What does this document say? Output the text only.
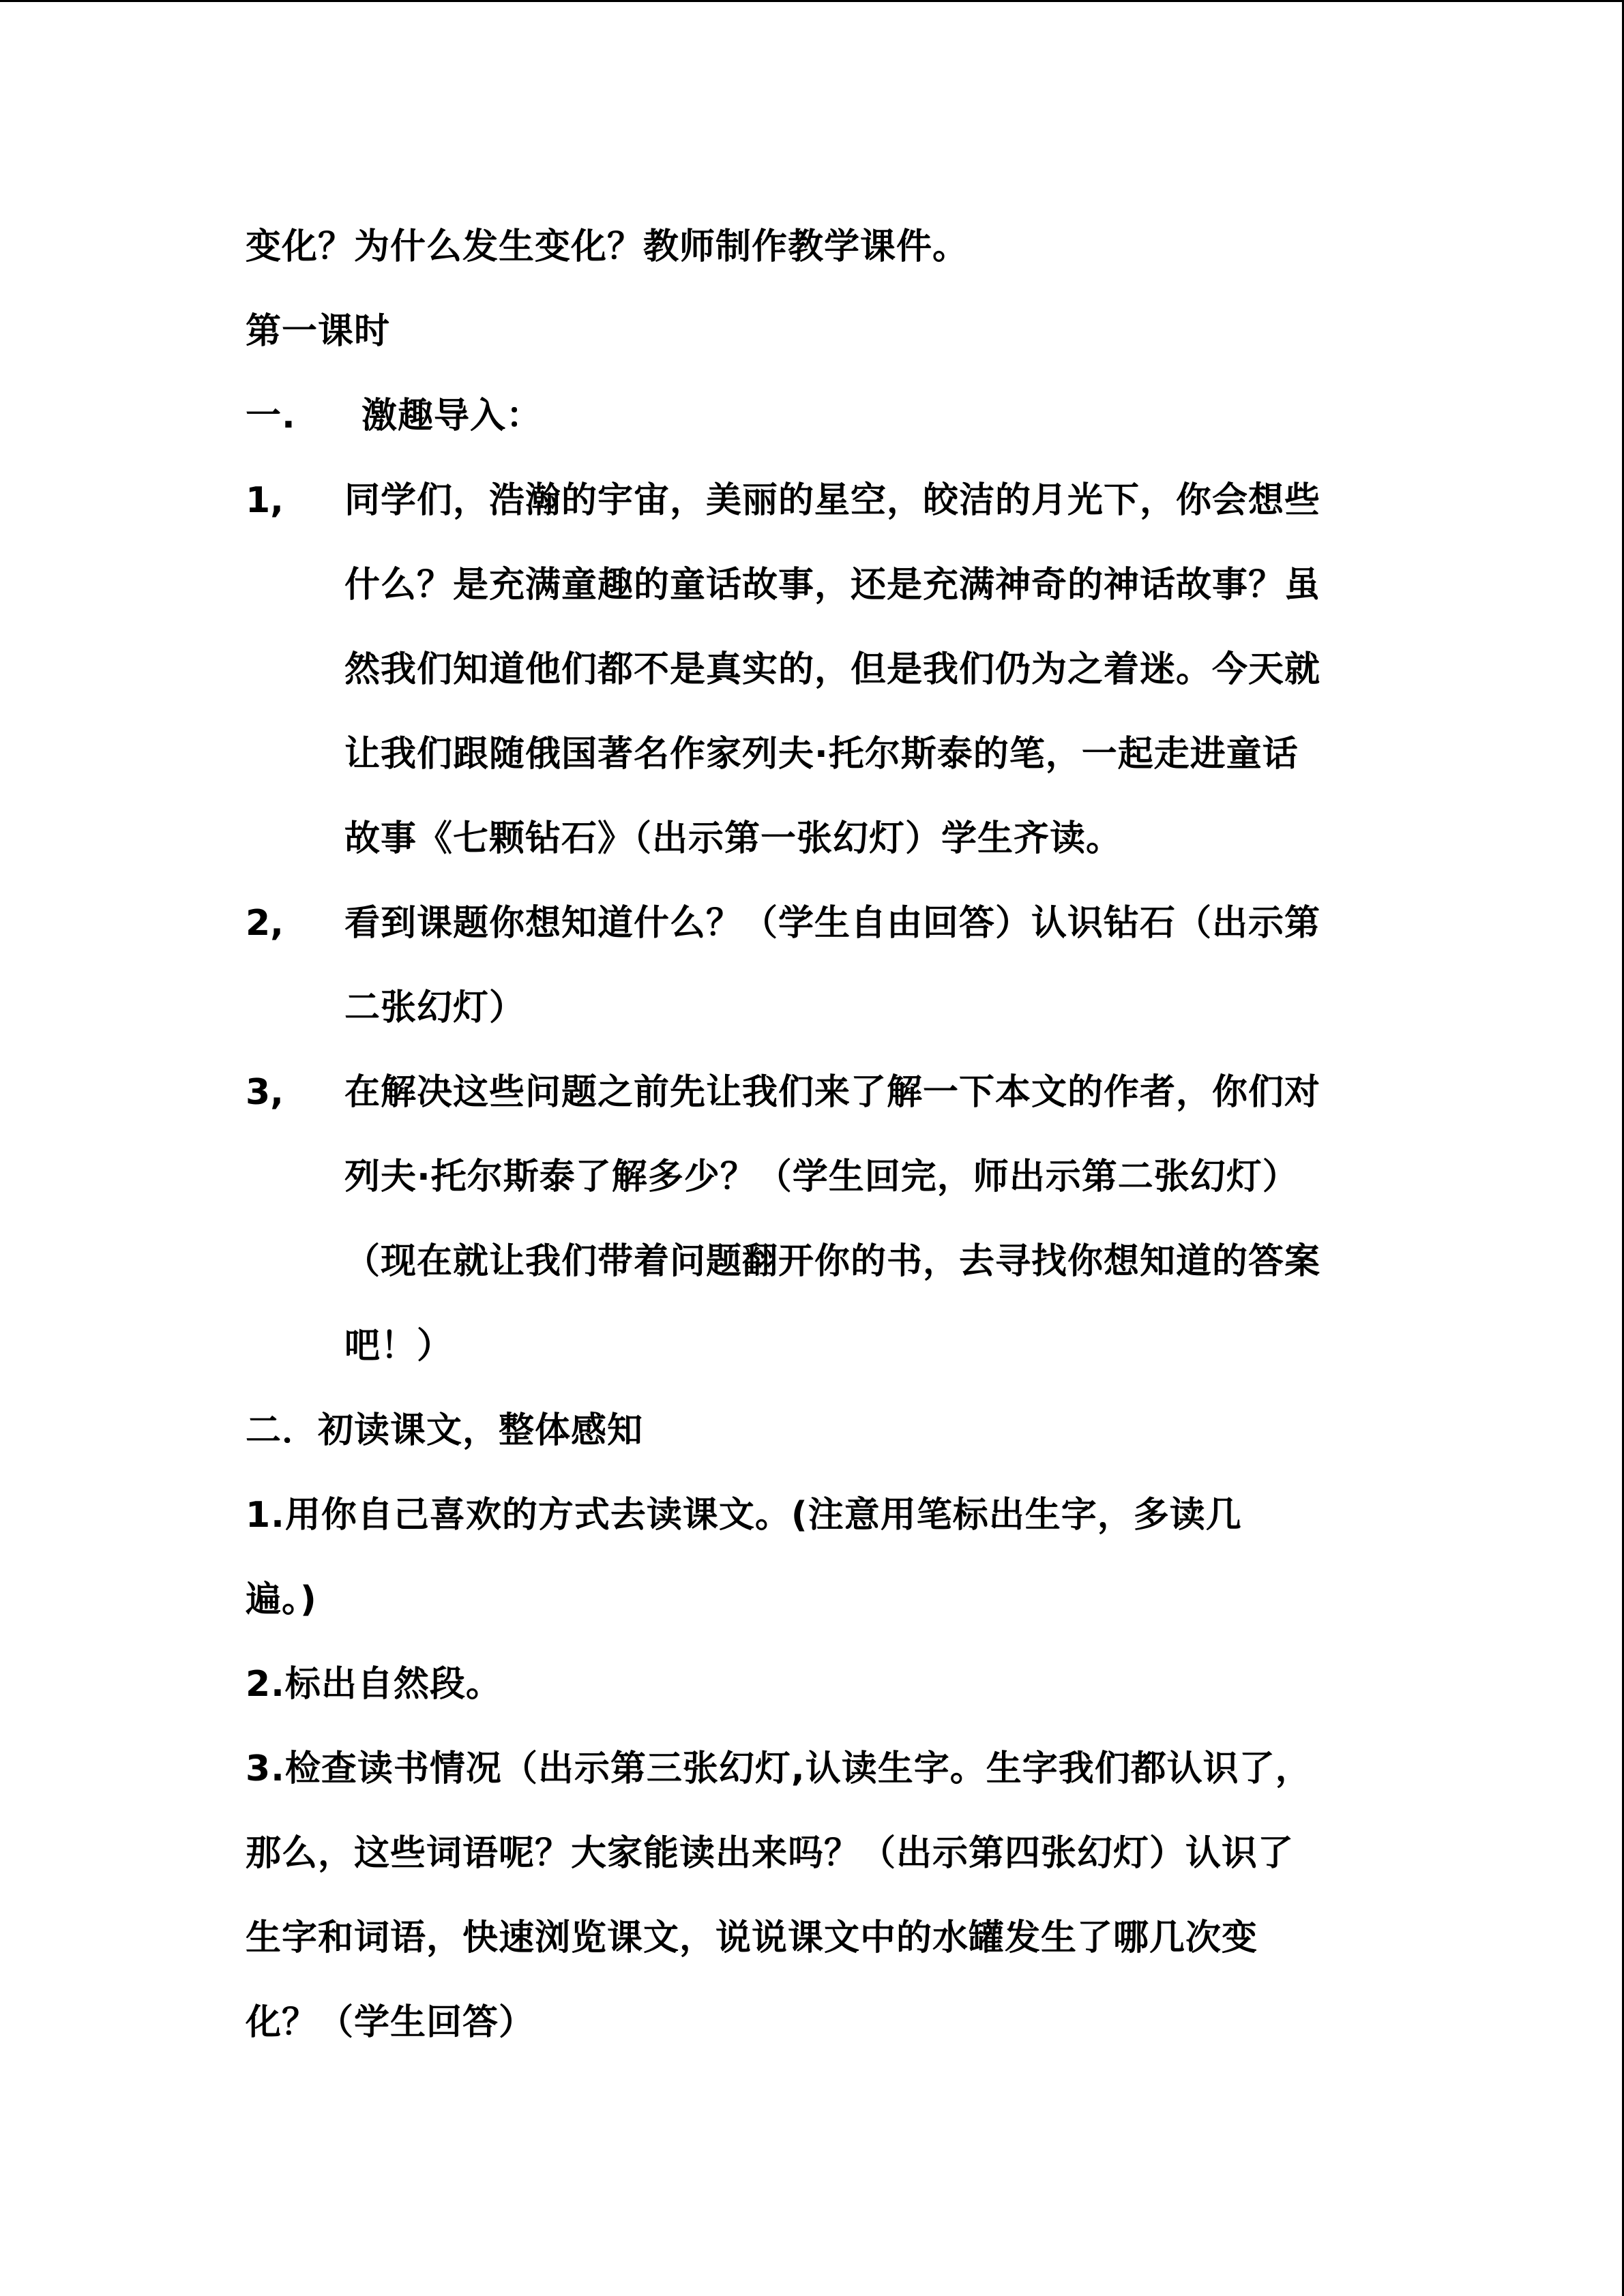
变化？为什么发生变化？教师制作教学课件。
第一课时
一.	激趣导入：
1,	同学们，浩瀚的宇宙，美丽的星空，皎洁的月光下，你会想些
什么？是充满童趣的童话故事，还是充满神奇的神话故事？虽
然我们知道他们都不是真实的，但是我们仍为之着迷。今天就
让我们跟随俄国著名作家列夫·托尔斯泰的笔，一起走进童话
故事《七颗钻石》（出示第一张幻灯）学生齐读。
2,	看到课题你想知道什么？（学生自由回答）认识钻石（出示第
二张幻灯）
3,	在解决这些问题之前先让我们来了解一下本文的作者，你们对
列夫·托尔斯泰了解多少？（学生回完，师出示第二张幻灯）
（现在就让我们带着问题翻开你的书，去寻找你想知道的答案
吧！）
二．初读课文，整体感知
1.用你自己喜欢的方式去读课文。(注意用笔标出生字，多读几
遍。)
2.标出自然段。
3.检查读书情况（出示第三张幻灯,认读生字。生字我们都认识了，
那么，这些词语呢？大家能读出来吗？（出示第四张幻灯）认识了
生字和词语，快速浏览课文，说说课文中的水罐发生了哪几次变
化？（学生回答）
